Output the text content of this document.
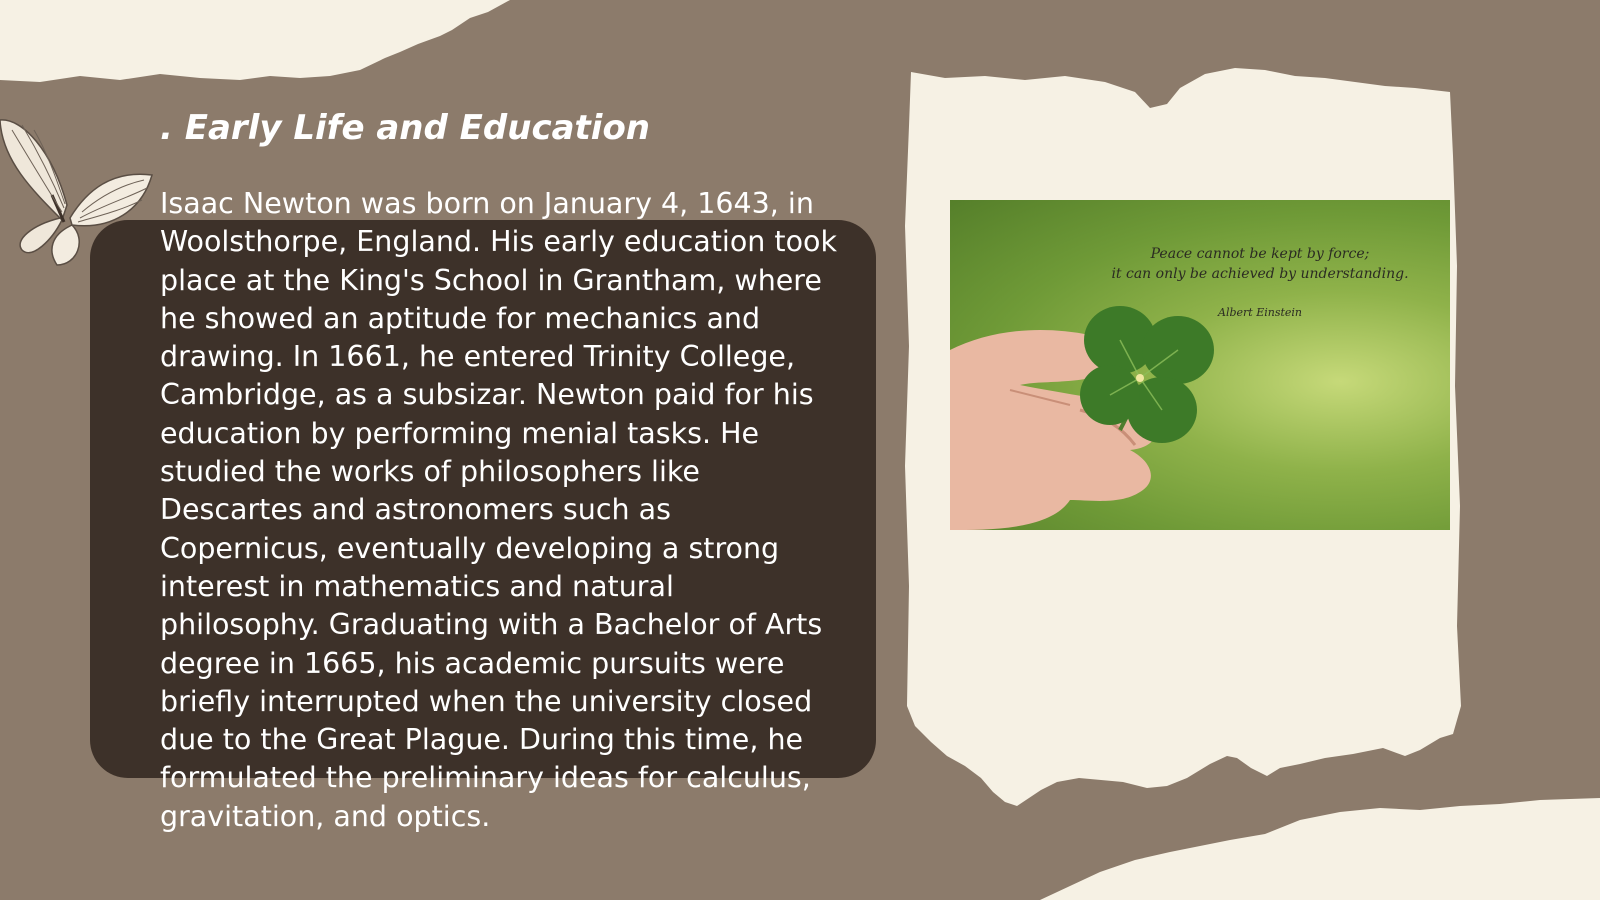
. Early Life and Education

Isaac Newton was born on January 4, 1643, in Woolsthorpe, England. His early education took place at the King's School in Grantham, where he showed an aptitude for mechanics and drawing. In 1661, he entered Trinity College, Cambridge, as a subsizar. Newton paid for his education by performing menial tasks. He studied the works of philosophers like Descartes and astronomers such as Copernicus, eventually developing a strong interest in mathematics and natural philosophy. Graduating with a Bachelor of Arts degree in 1665, his academic pursuits were briefly interrupted when the university closed due to the Great Plague. During this time, he formulated the preliminary ideas for calculus, gravitation, and optics.

Peace cannot be kept by force;
it can only be achieved by understanding.
Albert Einstein
